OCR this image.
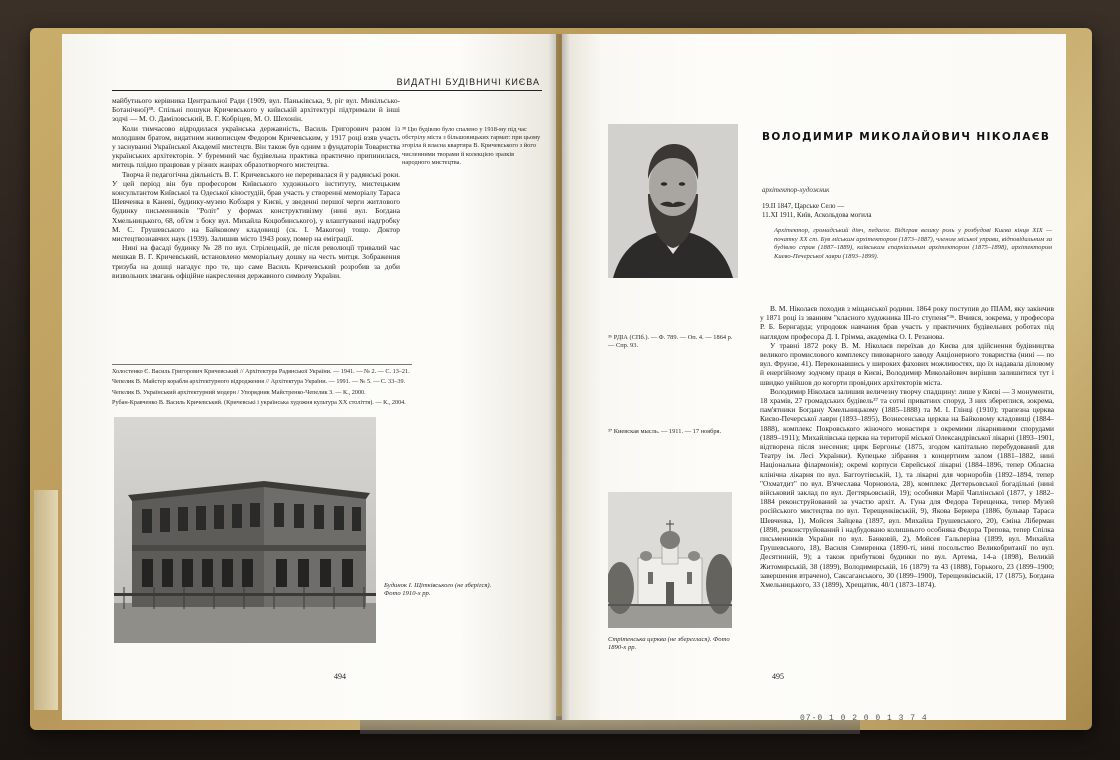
ВИДАТНІ БУДІВНИЧІ КИЄВА

майбутнього керівника Центральної Ради (1909, вул. Паньківська, 9, ріг вул. Микільсько-Ботанічної)³⁸. Спільні пошуки Кричевського у київській архітектурі підтримали й інші зодчі — М. О. Даміловський, В. Г. Кобріцев, М. О. Шехонін.

Коли тимчасово відродилася українська державність, Василь Григорович разом із молодшим братом, видатним живописцем Федором Кричевським, у 1917 році взяв участь у заснуванні Української Академії мистецтв. Він також був одним з фундаторів Товариства українських архітекторів. У буремний час будівельна практика практично припинилася, митець плідно працював у різних жанрах образотворчого мистецтва.

Творча й педагогічна діяльність В. Г. Кричевського не переривалася й у радянські роки. У цей період він був професором Київського художнього інституту, мистецьким консультантом Київської та Одеської кіностудій, брав участь у створенні меморіалу Тараса Шевченка в Каневі, будинку-музею Кобзаря у Києві, у зведенні першої черги житлового будинку письменників "Роліт" у формах конструктивізму (нині вул. Богдана Хмельницького, 68, об'єм з боку вул. Михайла Коцюбинського), у влаштуванні надгробку М. С. Грушевського на Байковому кладовищі (ск. І. Макогон) тощо. Доктор мистецтвознавчих наук (1939). Залишив місто 1943 року, помер на еміграції.

Нині на фасаді будинку № 28 по вул. Стрілецькій, де після революції тривалий час мешкав В. Г. Кричевський, встановлено меморіальну дошку на честь митця. Зображення тризуба на дошці нагадує про те, що саме Василь Кричевський розробив за доби визвольних змагань офіційне накреслення державного символу України.

³⁸ Цю будівлю було спалено у 1918-му під час обстрілу міста з більшовицьких гармат: при цьому згоріла й власна квартира В. Кричевського з його численними творами й колекцією зразків народного мистецтва.
Холостенко Є. Василь Григорович Кричевський // Архітектура Радянської України. — 1941. — № 2. — С. 13–21.
Чепелик В. Майстер корабля архітектурного відродження // Архітектура України. — 1991. — № 5. — С. 33–39.
Чепелик В. Український архітектурний модерн / Упорядник Майстренко-Чепелик З. — К., 2000.
Рубан-Кравченко В. Василь Кричевський. (Кричевські і українська художня культура XX століття). — К., 2004.
Будинок І. Щітківського (не зберігся). Фото 1910-х рр.
494
ВОЛОДИМИР МИКОЛАЙОВИЧ НІКОЛАЄВ
архітектор-художник
19.II 1847, Царське Село —
11.XI 1911, Київ, Аскольдова могила
Архітектор, громадський діяч, педагог. Відіграв велику роль у розбудові Києва кінця XIX — початку XX ст. Був міським архітектором (1873–1887), членом міської управи, відповідальним за будівлю справ (1887–1889), київським єпархіальним архітектором (1875–1898), архітектором Києво-Печерської лаври (1893–1899).

В. М. Ніколаєв походив з міщанської родини. 1864 року поступив до ПІАМ, яку закінчив у 1871 році із званням "класного художника III-го ступеня"³⁶. Вчився, зокрема, у професора Р. Б. Бернгарда; упродовж навчання брав участь у практичних будівельних роботах під наглядом професора Д. І. Грімма, академіка О. І. Резанова.

У травні 1872 року В. М. Ніколаєв переїхав до Києва для здійснення будівництва великого промислового комплексу пивоварного заводу Акціонерного товариства (нині — по вул. Фрунзе, 41). Переконавшись у широких фахових можливостях, що їх надавала діловому й енергійному зодчому праця в Києві, Володимир Миколайович вирішив залишитися тут і швидко увійшов до когорти провідних архітекторів міста.

Володимир Ніколаєв залишив величезну творчу спадщину: лише у Києві — 3 монументи, 18 храмів, 27 громадських будівель³⁷ та сотні приватних споруд. З них збереглися, зокрема, пам'ятники Богдану Хмельницькому (1885–1888) та М. І. Глінці (1910); трапезна церква Києво-Печерської лаври (1893–1895), Вознесенська церква на Байковому кладовищі (1884–1888), комплекс Покровського жіночого монастиря з окремими лікарняними спорудами (1889–1911); Михайлівська церква на території міської Олександрівської лікарні (1893–1901, відтворена після знесення; цирк Бергоньє (1875, згодом капітально перебудований для Театру ім. Лесі Українки). Купецьке зібрання з концертним залом (1881–1882, нині Національна філармонія); окремі корпуси Єврейської лікарні (1884–1896, тепер Обласна клінічна лікарня по вул. Баггоутівській, 1), та лікарні для чорноробів (1892–1894, тепер "Охматдит" по вул. В'ячеслава Чорновола, 28), комплекс Дегтерьовської богадільні (нині військовий заклад по вул. Дегтярьовській, 19); особняки Марії Чаплінської (1877, у 1882–1884 реконструйований за участю архіт. А. Гуна для Федора Терещенка, тепер Музей російського мистецтва по вул. Терещенківській, 9), Якова Бернера (1886, бульвар Тараса Шевченка, 1), Мойсея Зайцева (1897, вул. Михайла Грушевського, 20), Єміна Ліберман (1898, реконструйований і надбудовано колишнього особняка Федора Трепова, тепер Спілка письменників України по вул. Банковій, 2), Мойсея Гальперіна (1899, вул. Михайла Грушевського, 18), Василя Симиренка (1890-ті, нині посольство Великобританії по вул. Десятинній, 9); а також прибуткові будинки по вул. Артема, 14-а (1898), Великій Житомирській, 38 (1899), Володимирській, 16 (1879) та 43 (1888), Горького, 23 (1899–1900; завершення втрачено), Саксаганського, 30 (1899–1900), Терещенківській, 17 (1875), Богдана Хмельницького, 33 (1899), Хрещатик, 40/1 (1873–1874).

³⁶ РДІА (СПб.). — Ф. 789. — Оп. 4. — 1864 р. — Спр. 93.
³⁷ Киевская мысль. — 1911. — 17 ноября.
Стрітенська церква (не збереглася). Фото 1890-х рр.
495
07-0 1 0 2 0 0 1 3 7 4
